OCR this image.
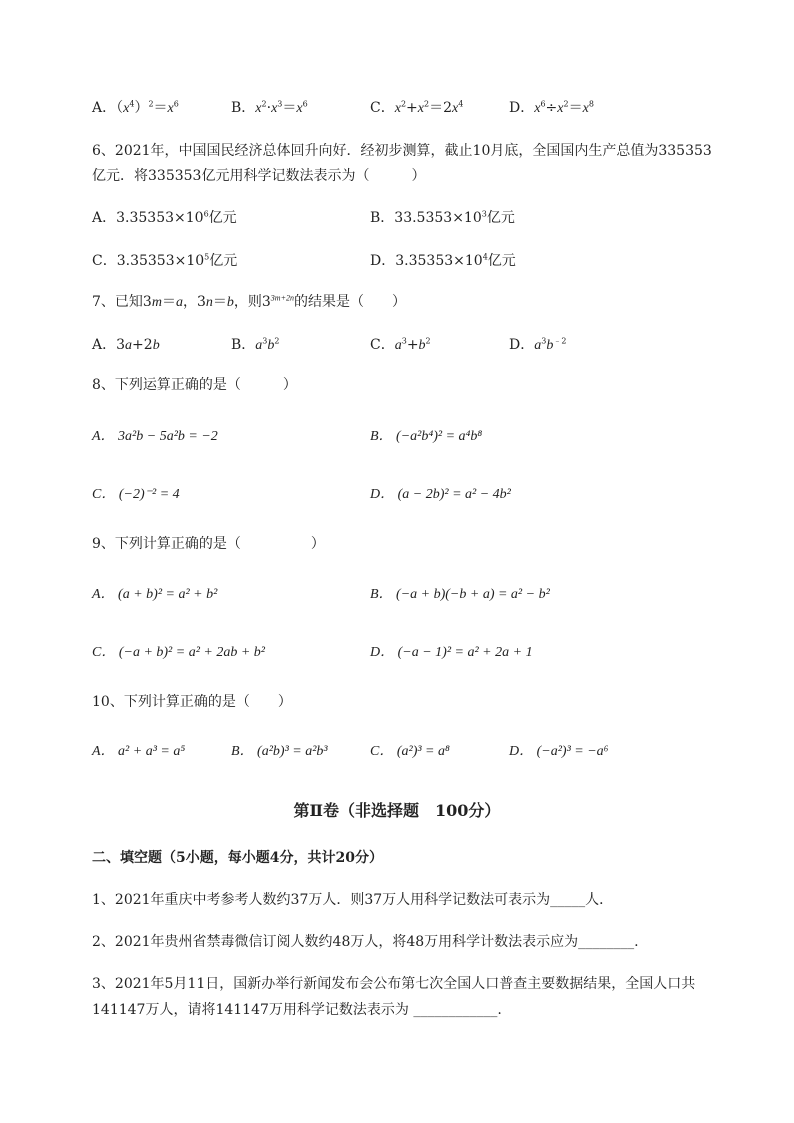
A．$(x^4)^2=x^6$	B．$x^2\cdot x^3=x^6$	C．$x^2+x^2=2x^4$	D．$x^6\div x^2=x^8$
6、2021年，中国国民经济总体回升向好．经初步测算，截止10月底，全国国内生产总值为335353
亿元．将335353亿元用科学记数法表示为（　　　）
A．$3.35353\times 10^6$亿元	B．$33.5353\times 10^3$亿元
C．$3.35353\times 10^5$亿元	D．$3.35353\times 10^4$亿元
7、已知3m＝a，3n＝b，则$3^{3m+2n}$的结果是（　　）
A．3a+2b	B．$a^3b^2$	C．$a^3+b^2$	D．$a^3b^{﹣2}$
8、下列运算正确的是（　　　）
A． 3a²b − 5a²b = −2	B． (−a²b⁴)² = a⁴b⁸
C． (−2)⁻² = 4	D． (a − 2b)² = a² − 4b²
9、下列计算正确的是（　　　　　）
A． (a + b)² = a² + b²	B． (−a + b)(−b + a) = a² − b²
C． (−a + b)² = a² + 2ab + b²	D． (−a − 1)² = a² + 2a + 1
10、下列计算正确的是（　　）
A． a² + a³ = a⁵	B． (a²b)³ = a²b³	C． (a²)³ = a⁸	D． (−a²)³ = −a⁶
第Ⅱ卷（非选择题　100分）
二、填空题（5小题，每小题4分，共计20分）
1、2021年重庆中考参考人数约37万人．则37万人用科学记数法可表示为_____人．
2、2021年贵州省禁毒微信订阅人数约48万人，将48万用科学计数法表示应为________.
3、2021年5月11日，国新办举行新闻发布会公布第七次全国人口普查主要数据结果，全国人口共
141147万人，请将141147万用科学记数法表示为 ____________.
